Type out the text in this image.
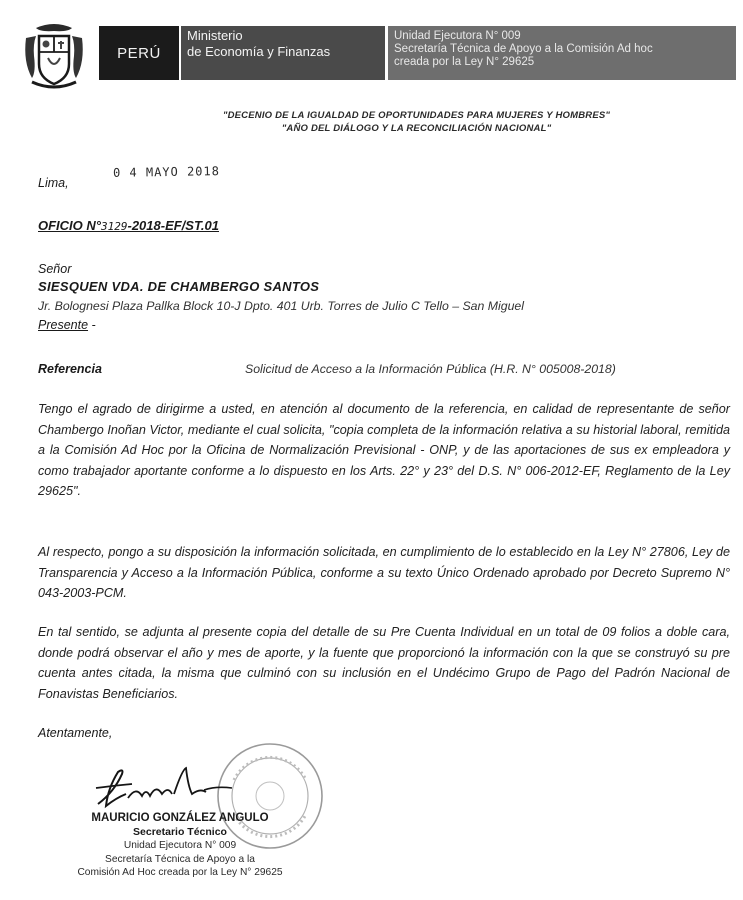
PERÚ
Ministerio
de Economía y Finanzas
Unidad Ejecutora N° 009
Secretaría Técnica de Apoyo a la Comisión Ad hoc
creada por la Ley N° 29625
"DECENIO DE LA IGUALDAD DE OPORTUNIDADES PARA MUJERES Y HOMBRES"
"AÑO DEL DIÁLOGO Y LA RECONCILIACIÓN NACIONAL"
Lima,
0 4 MAYO 2018
OFICIO N°3129-2018-EF/ST.01
Señor
SIESQUEN VDA. DE CHAMBERGO SANTOS
Jr. Bolognesi Plaza Pallka Block 10-J Dpto. 401 Urb. Torres de Julio C Tello – San Miguel
Presente -
Referencia	Solicitud de Acceso a la Información Pública (H.R. N° 005008-2018)
Tengo el agrado de dirigirme a usted, en atención al documento de la referencia, en calidad de representante de señor Chambergo Inoñan Victor, mediante el cual solicita, "copia completa de la información relativa a su historial laboral, remitida a la Comisión Ad Hoc por la Oficina de Normalización Previsional - ONP, y de las aportaciones de sus ex empleadora y como trabajador aportante conforme a lo dispuesto en los Arts. 22° y 23° del D.S. N° 006-2012-EF, Reglamento de la Ley 29625".
Al respecto, pongo a su disposición la información solicitada, en cumplimiento de lo establecido en la Ley N° 27806, Ley de Transparencia y Acceso a la Información Pública, conforme a su texto Único Ordenado aprobado por Decreto Supremo N° 043-2003-PCM.
En tal sentido, se adjunta al presente copia del detalle de su Pre Cuenta Individual en un total de 09 folios a doble cara, donde podrá observar el año y mes de aporte, y la fuente que proporcionó la información con la que se construyó su pre cuenta antes citada, la misma que culminó con su inclusión en el Undécimo Grupo de Pago del Padrón Nacional de Fonavistas Beneficiarios.
Atentamente,
MAURICIO GONZÁLEZ ANGULO
Secretario Técnico
Unidad Ejecutora N° 009
Secretaría Técnica de Apoyo a la
Comisión Ad Hoc creada por la Ley N° 29625
